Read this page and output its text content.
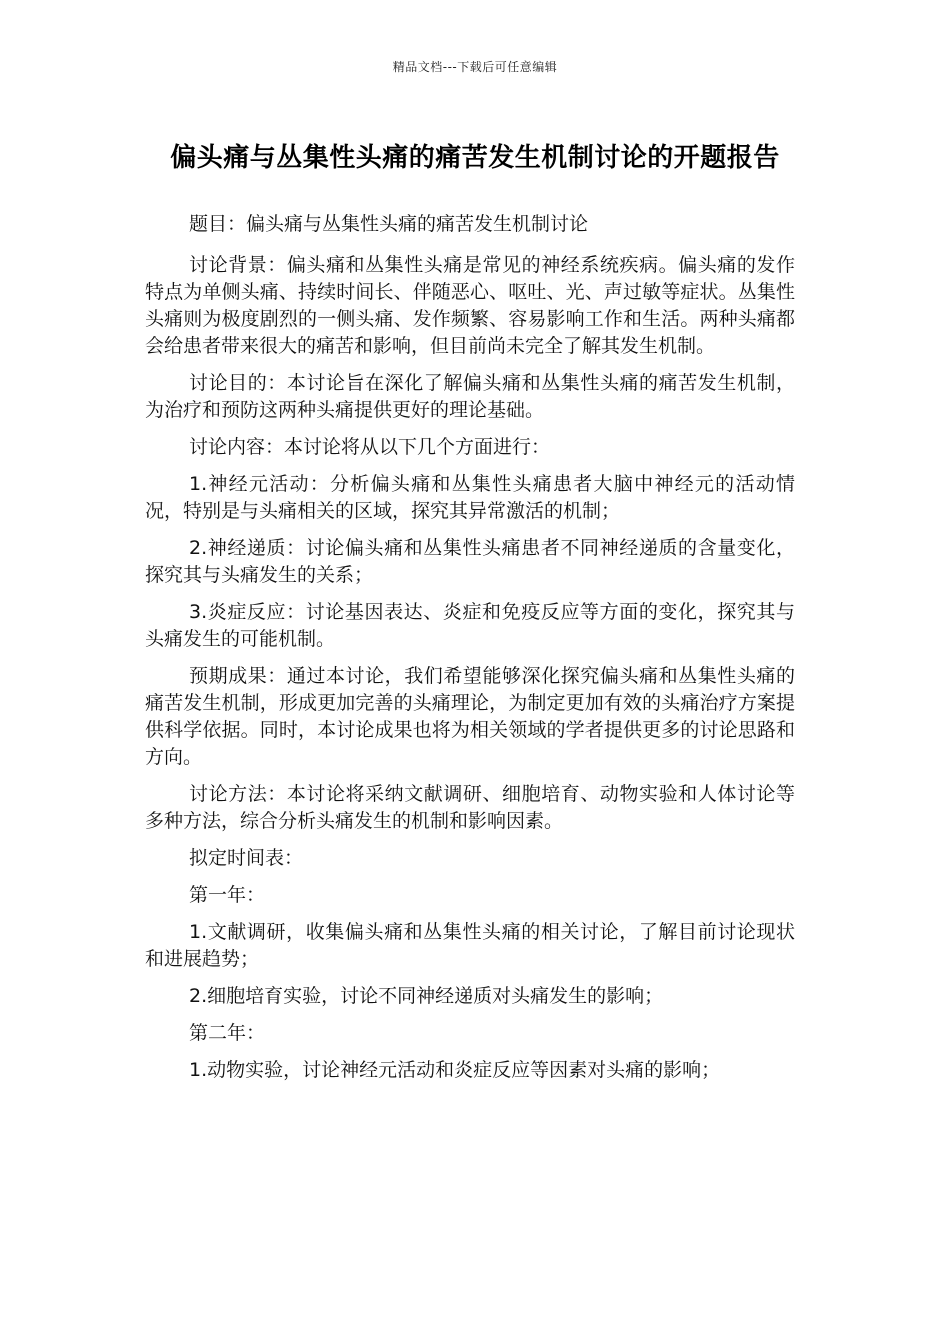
精品文档---下载后可任意编辑
偏头痛与丛集性头痛的痛苦发生机制讨论的开题报告

题目：偏头痛与丛集性头痛的痛苦发生机制讨论

讨论背景：偏头痛和丛集性头痛是常见的神经系统疾病。偏头痛的发作特点为单侧头痛、持续时间长、伴随恶心、呕吐、光、声过敏等症状。丛集性头痛则为极度剧烈的一侧头痛、发作频繁、容易影响工作和生活。两种头痛都会给患者带来很大的痛苦和影响，但目前尚未完全了解其发生机制。

讨论目的：本讨论旨在深化了解偏头痛和丛集性头痛的痛苦发生机制，为治疗和预防这两种头痛提供更好的理论基础。

讨论内容：本讨论将从以下几个方面进行：

1.神经元活动：分析偏头痛和丛集性头痛患者大脑中神经元的活动情况，特别是与头痛相关的区域，探究其异常激活的机制；

2.神经递质：讨论偏头痛和丛集性头痛患者不同神经递质的含量变化，探究其与头痛发生的关系；

3.炎症反应：讨论基因表达、炎症和免疫反应等方面的变化，探究其与头痛发生的可能机制。

预期成果：通过本讨论，我们希望能够深化探究偏头痛和丛集性头痛的痛苦发生机制，形成更加完善的头痛理论，为制定更加有效的头痛治疗方案提供科学依据。同时，本讨论成果也将为相关领域的学者提供更多的讨论思路和方向。

讨论方法：本讨论将采纳文献调研、细胞培育、动物实验和人体讨论等多种方法，综合分析头痛发生的机制和影响因素。

拟定时间表：

第一年：

1.文献调研，收集偏头痛和丛集性头痛的相关讨论，了解目前讨论现状和进展趋势；

2.细胞培育实验，讨论不同神经递质对头痛发生的影响；

第二年：

1.动物实验，讨论神经元活动和炎症反应等因素对头痛的影响；
